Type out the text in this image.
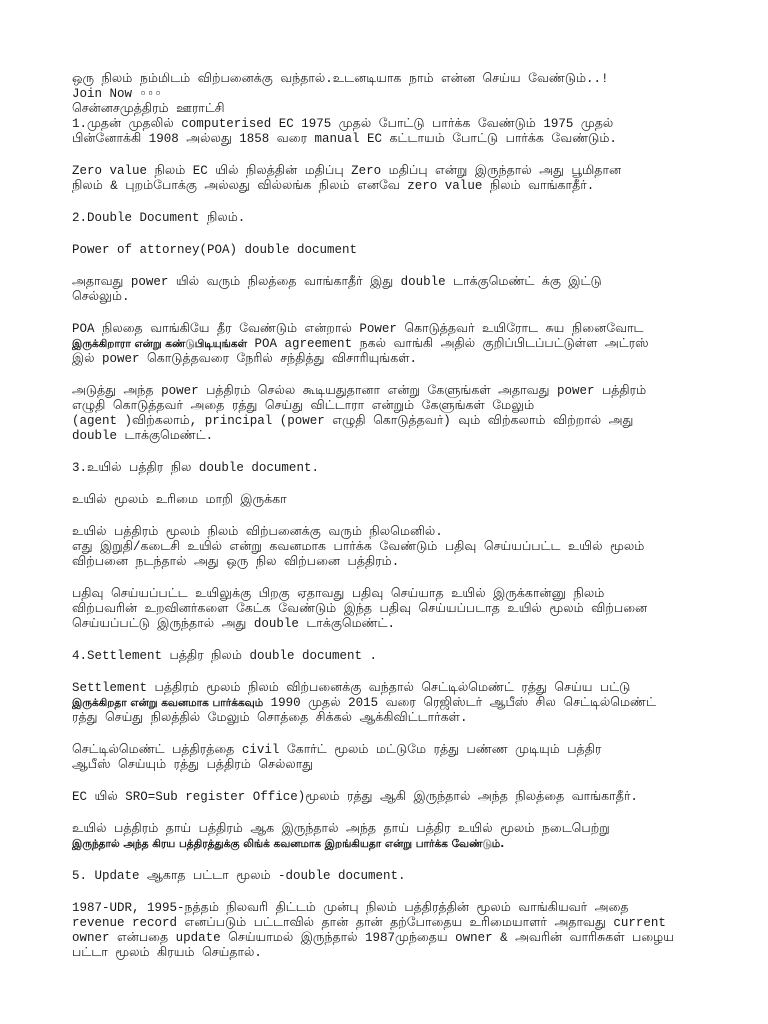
ஒரு நிலம் நம்மிடம் விற்பனைக்கு வந்தால்.உடனடியாக நாம் என்ன செய்ய வேண்டும்..!
Join Now ▫▫▫
சென்னசமுத்திரம் ஊராட்சி
1.முதன் முதலில் computerised EC 1975 முதல் போட்டு பார்க்க வேண்டும் 1975 முதல்
பின்னோக்கி 1908 அல்லது 1858 வரை manual EC கட்டாயம் போட்டு பார்க்க வேண்டும்.
Zero value நிலம் EC யில் நிலத்தின் மதிப்பு Zero மதிப்பு என்று இருந்தால் அது பூமிதான
நிலம் & புறம்போக்கு அல்லது வில்லங்க நிலம் எனவே zero value நிலம் வாங்காதீர்.
2.Double Document நிலம்.
Power of attorney(POA) double document
அதாவது power யில் வரும் நிலத்தை வாங்காதீர் இது double டாக்குமெண்ட் க்கு இட்டு
செல்லும்.
POA நிலதை வாங்கியே தீர வேண்டும் என்றால் Power கொடுத்தவர் உயிரோட சுய நினைவோட
இருக்கிறாரா என்று கண்டுபிடியுங்கள் POA agreement நகல் வாங்கி அதில் குறிப்பிடப்பட்டுள்ள அட்ரஸ்
இல் power கொடுத்தவரை நேரில் சந்தித்து விசாரியுங்கள்.
அடுத்து அந்த power பத்திரம் செல்ல கூடியதுதானா என்று கேளுங்கள் அதாவது power பத்திரம்
எழுதி கொடுத்தவர் அதை ரத்து செய்து விட்டாரா என்றும் கேளுங்கள் மேலும்
(agent )விற்கலாம், principal (power எழுதி கொடுத்தவர்) வும் விற்கலாம் விற்றால் அது
double டாக்குமெண்ட்.
3.உயில் பத்திர நில double document.
உயில் மூலம் உரிமை மாறி இருக்கா
உயில் பத்திரம் மூலம் நிலம் விற்பனைக்கு வரும் நிலமெனில்.
எது இறுதி/கடைசி உயில் என்று கவனமாக பார்க்க வேண்டும் பதிவு செய்யப்பட்ட உயில் மூலம்
விற்பனை நடந்தால் அது ஒரு நில விற்பனை பத்திரம்.
பதிவு செய்யப்பட்ட உயிலுக்கு பிறகு ஏதாவது பதிவு செய்யாத உயில் இருக்கான்னு நிலம்
விற்பவரின் உறவினர்களை கேட்க வேண்டும் இந்த பதிவு செய்யப்படாத உயில் மூலம் விற்பனை
செய்யப்பட்டு இருந்தால் அது double டாக்குமெண்ட்.
4.Settlement பத்திர நிலம் double document .
Settlement பத்திரம் மூலம் நிலம் விற்பனைக்கு வந்தால் செட்டில்மெண்ட் ரத்து செய்ய பட்டு
இருக்கிறதா என்று கவனமாக பார்க்கவும் 1990 முதல் 2015 வரை ரெஜிஸ்டர் ஆபீஸ் சில செட்டில்மெண்ட்
ரத்து செய்து நிலத்தில் மேலும் சொத்தை சிக்கல் ஆக்கிவிட்டார்கள்.
செட்டில்மெண்ட் பத்திரத்தை civil கோர்ட் மூலம் மட்டுமே ரத்து பண்ண முடியும் பத்திர
ஆபீஸ் செய்யும் ரத்து பத்திரம் செல்லாது
EC யில் SRO=Sub register Office)மூலம் ரத்து ஆகி இருந்தால் அந்த நிலத்தை வாங்காதீர்.
உயில் பத்திரம் தாய் பத்திரம் ஆக இருந்தால் அந்த தாய் பத்திர உயில் மூலம் நடைபெற்று
இருந்தால் அந்த கிரய பத்திரத்துக்கு லிங்க் கவனமாக இறங்கியதா என்று பார்க்க வேண்டும்.
5. Update ஆகாத பட்டா மூலம் -double document.
1987-UDR, 1995-நத்தம் நிலவரி திட்டம் முன்பு நிலம் பத்திரத்தின் மூலம் வாங்கியவர் அதை
revenue record எனப்படும் பட்டாவில் தான் தான் தற்போதைய உரிமையாளர் அதாவது current
owner என்பதை update செய்யாமல் இருந்தால் 1987முந்தைய owner & அவரின் வாரிசுகள் பழைய
பட்டா மூலம் கிரயம் செய்தால்.
